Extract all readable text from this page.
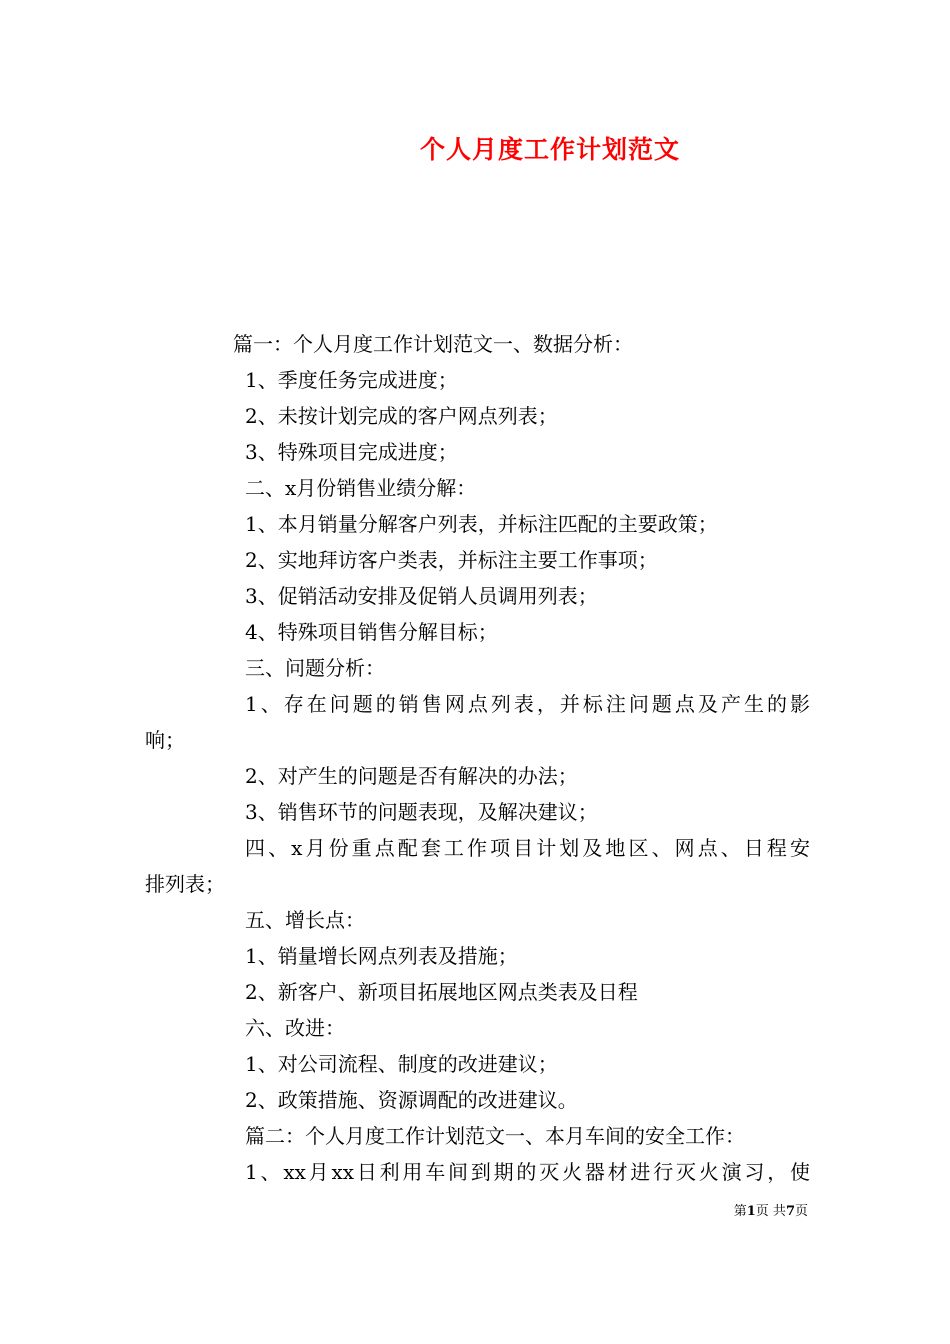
个人月度工作计划范文
篇一：个人月度工作计划范文一、数据分析：
1、季度任务完成进度；
2、未按计划完成的客户网点列表；
3、特殊项目完成进度；
二、x月份销售业绩分解：
1、本月销量分解客户列表，并标注匹配的主要政策；
2、实地拜访客户类表，并标注主要工作事项；
3、促销活动安排及促销人员调用列表；
4、特殊项目销售分解目标；
三、问题分析：
1、存在问题的销售网点列表，并标注问题点及产生的影
响；
2、对产生的问题是否有解决的办法；
3、销售环节的问题表现，及解决建议；
四、x月份重点配套工作项目计划及地区、网点、日程安
排列表；
五、增长点：
1、销量增长网点列表及措施；
2、新客户、新项目拓展地区网点类表及日程
六、改进：
1、对公司流程、制度的改进建议；
2、政策措施、资源调配的改进建议。
篇二：个人月度工作计划范文一、本月车间的安全工作：
1、xx月xx日利用车间到期的灭火器材进行灭火演习，使
第1页 共7页
